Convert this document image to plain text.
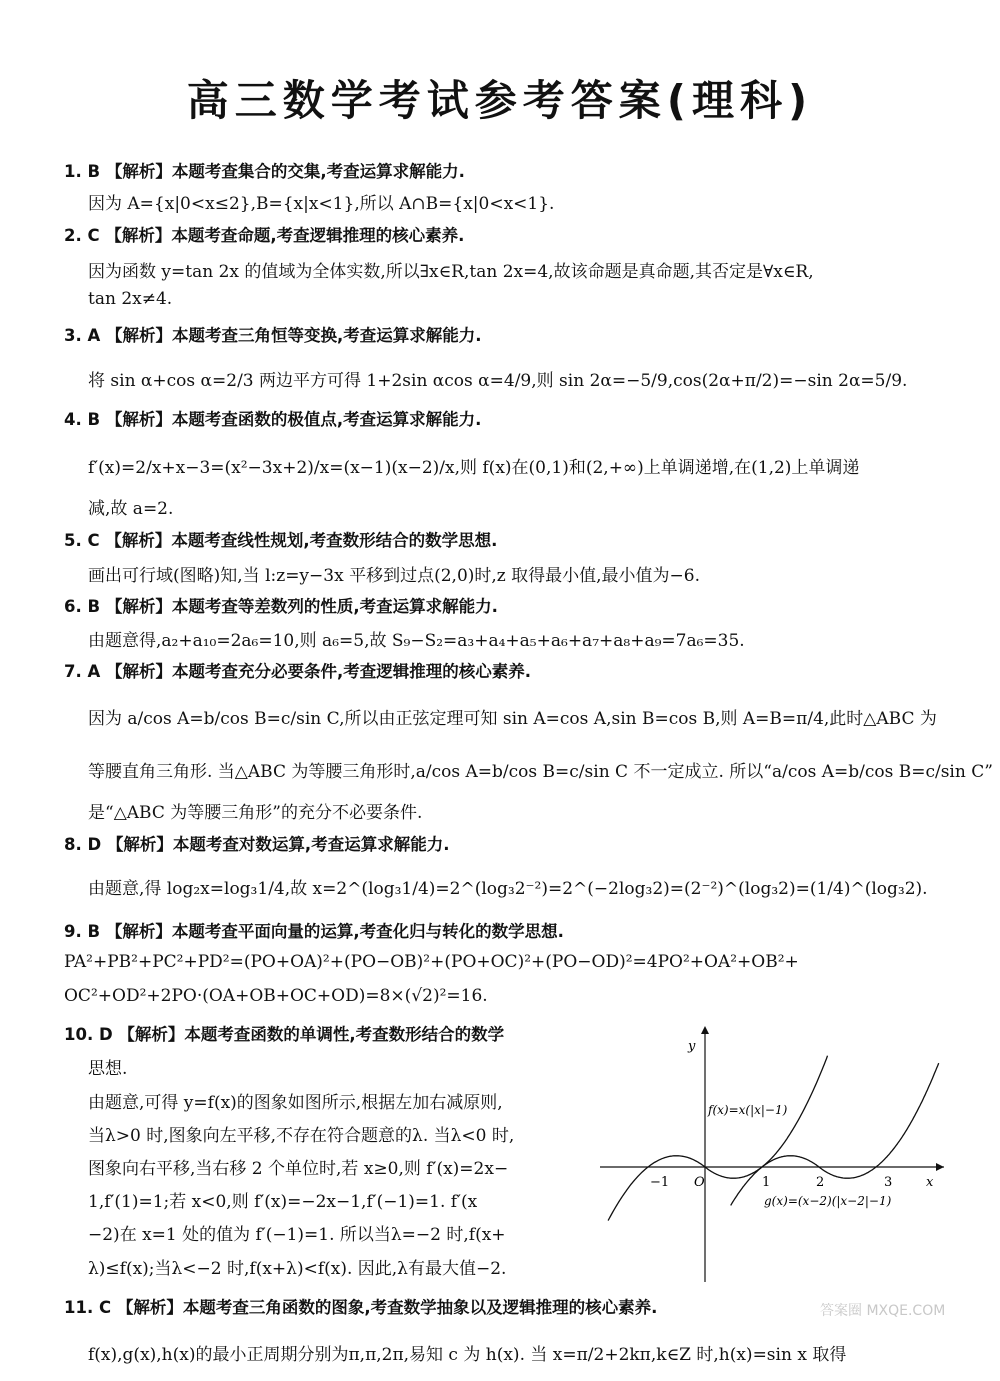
高三数学考试参考答案(理科)
1. B 【解析】本题考查集合的交集,考查运算求解能力.
因为 A={x|0<x≤2},B={x|x<1},所以 A∩B={x|0<x<1}.
2. C 【解析】本题考查命题,考查逻辑推理的核心素养.
因为函数 y=tan 2x 的值域为全体实数,所以∃x∈R,tan 2x=4,故该命题是真命题,其否定是∀x∈R,
tan 2x≠4.
3. A 【解析】本题考查三角恒等变换,考查运算求解能力.
将 sin α+cos α=2/3 两边平方可得 1+2sin αcos α=4/9,则 sin 2α=−5/9,cos(2α+π/2)=−sin 2α=5/9.
4. B 【解析】本题考查函数的极值点,考查运算求解能力.
f′(x)=2/x+x−3=(x²−3x+2)/x=(x−1)(x−2)/x,则 f(x)在(0,1)和(2,+∞)上单调递增,在(1,2)上单调递
减,故 a=2.
5. C 【解析】本题考查线性规划,考查数形结合的数学思想.
画出可行域(图略)知,当 l:z=y−3x 平移到过点(2,0)时,z 取得最小值,最小值为−6.
6. B 【解析】本题考查等差数列的性质,考查运算求解能力.
由题意得,a₂+a₁₀=2a₆=10,则 a₆=5,故 S₉−S₂=a₃+a₄+a₅+a₆+a₇+a₈+a₉=7a₆=35.
7. A 【解析】本题考查充分必要条件,考查逻辑推理的核心素养.
因为 a/cos A=b/cos B=c/sin C,所以由正弦定理可知 sin A=cos A,sin B=cos B,则 A=B=π/4,此时△ABC 为
等腰直角三角形. 当△ABC 为等腰三角形时,a/cos A=b/cos B=c/sin C 不一定成立. 所以“a/cos A=b/cos B=c/sin C”
是“△ABC 为等腰三角形”的充分不必要条件.
8. D 【解析】本题考查对数运算,考查运算求解能力.
由题意,得 log₂x=log₃1/4,故 x=2^(log₃1/4)=2^(log₃2⁻²)=2^(−2log₃2)=(2⁻²)^(log₃2)=(1/4)^(log₃2).
9. B 【解析】本题考查平面向量的运算,考查化归与转化的数学思想.
PA²+PB²+PC²+PD²=(PO+OA)²+(PO−OB)²+(PO+OC)²+(PO−OD)²=4PO²+OA²+OB²+
OC²+OD²+2PO·(OA+OB+OC+OD)=8×(√2)²=16.
10. D 【解析】本题考查函数的单调性,考查数形结合的数学
思想.
由题意,可得 y=f(x)的图象如图所示,根据左加右减原则,
当λ>0 时,图象向左平移,不存在符合题意的λ. 当λ<0 时,
图象向右平移,当右移 2 个单位时,若 x≥0,则 f′(x)=2x−
1,f′(1)=1;若 x<0,则 f′(x)=−2x−1,f′(−1)=1. f′(x
−2)在 x=1 处的值为 f′(−1)=1. 所以当λ=−2 时,f(x+
λ)≤f(x);当λ<−2 时,f(x+λ)<f(x). 因此,λ有最大值−2.
11. C 【解析】本题考查三角函数的图象,考查数学抽象以及逻辑推理的核心素养.
f(x),g(x),h(x)的最小正周期分别为π,π,2π,易知 c 为 h(x). 当 x=π/2+2kπ,k∈Z 时,h(x)=sin x 取得
y
x
O
−1	1	2	3
f(x)=x(|x|−1)
g(x)=(x−2)(|x−2|−1)
答案圈 MXQE.COM
